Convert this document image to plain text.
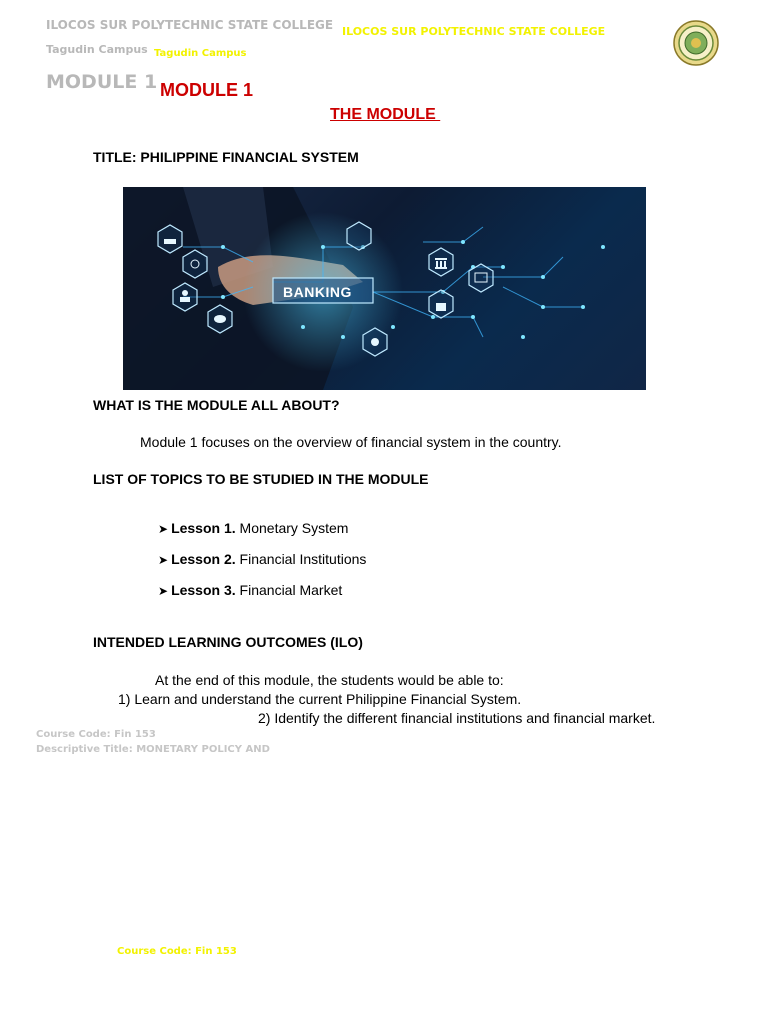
ILOCOS SUR POLYTECHNIC STATE COLLEGE ILOCOS SUR POLYTECHNIC STATE COLLEGE
Tagudin Campus Tagudin Campus
MODULE 1 MODULE 1
THE MODULE
TITLE: PHILIPPINE FINANCIAL SYSTEM
BANKING
WHAT IS THE MODULE ALL ABOUT?
Module 1 focuses on the overview of financial system in the country.
LIST OF TOPICS TO BE STUDIED IN THE MODULE
➤ Lesson 1. Monetary System
➤ Lesson 2. Financial Institutions
➤ Lesson 3. Financial Market
INTENDED LEARNING OUTCOMES (ILO)
At the end of this module, the students would be able to:
1) Learn and understand the current Philippine Financial System.
2) Identify the different financial institutions and financial market.
Course Code: Fin 153
Descriptive Title: MONETARY POLICY AND
Course Code: Fin 153
